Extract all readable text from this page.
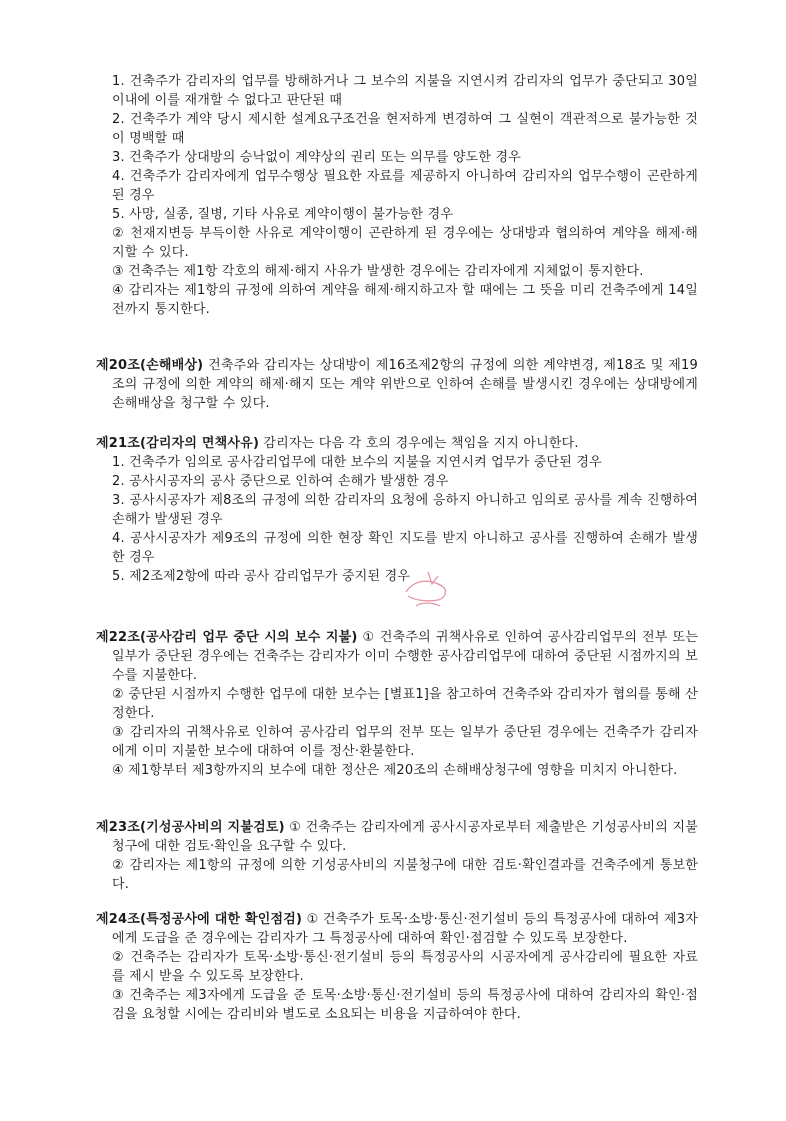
1. 건축주가 감리자의 업무를 방해하거나 그 보수의 지불을 지연시켜 감리자의 업무가 중단되고 30일 이내에 이를 재개할 수 없다고 판단된 때
2. 건축주가 계약 당시 제시한 설계요구조건을 현저하게 변경하여 그 실현이 객관적으로 불가능한 것이 명백할 때
3. 건축주가 상대방의 승낙없이 계약상의 권리 또는 의무를 양도한 경우
4. 건축주가 감리자에게 업무수행상 필요한 자료를 제공하지 아니하여 감리자의 업무수행이 곤란하게 된 경우
5. 사망, 실종, 질병, 기타 사유로 계약이행이 불가능한 경우
② 천재지변등 부득이한 사유로 계약이행이 곤란하게 된 경우에는 상대방과 협의하여 계약을 해제·해지할 수 있다.
③ 건축주는 제1항 각호의 해제·해지 사유가 발생한 경우에는 감리자에게 지체없이 통지한다.
④ 감리자는 제1항의 규정에 의하여 계약을 해제·해지하고자 할 때에는 그 뜻을 미리 건축주에게 14일전까지 통지한다.
제20조(손해배상) 건축주와 감리자는 상대방이 제16조제2항의 규정에 의한 계약변경, 제18조 및 제19조의 규정에 의한 계약의 해제·해지 또는 계약 위반으로 인하여 손해를 발생시킨 경우에는 상대방에게 손해배상을 청구할 수 있다.
제21조(감리자의 면책사유) 감리자는 다음 각 호의 경우에는 책임을 지지 아니한다.
1. 건축주가 임의로 공사감리업무에 대한 보수의 지불을 지연시켜 업무가 중단된 경우
2. 공사시공자의 공사 중단으로 인하여 손해가 발생한 경우
3. 공사시공자가 제8조의 규정에 의한 감리자의 요청에 응하지 아니하고 임의로 공사를 계속 진행하여 손해가 발생된 경우
4. 공사시공자가 제9조의 규정에 의한 현장 확인 지도를 받지 아니하고 공사를 진행하여 손해가 발생한 경우
5. 제2조제2항에 따라 공사 감리업무가 중지된 경우
제22조(공사감리 업무 중단 시의 보수 지불) ① 건축주의 귀책사유로 인하여 공사감리업무의 전부 또는 일부가 중단된 경우에는 건축주는 감리자가 이미 수행한 공사감리업무에 대하여 중단된 시점까지의 보수를 지불한다.
② 중단된 시점까지 수행한 업무에 대한 보수는 [별표1]을 참고하여 건축주와 감리자가 협의를 통해 산정한다.
③ 감리자의 귀책사유로 인하여 공사감리 업무의 전부 또는 일부가 중단된 경우에는 건축주가 감리자에게 이미 지불한 보수에 대하여 이를 정산·환불한다.
④ 제1항부터 제3항까지의 보수에 대한 정산은 제20조의 손해배상청구에 영향을 미치지 아니한다.
제23조(기성공사비의 지불검토) ① 건축주는 감리자에게 공사시공자로부터 제출받은 기성공사비의 지불청구에 대한 검토·확인을 요구할 수 있다.
② 감리자는 제1항의 규정에 의한 기성공사비의 지불청구에 대한 검토·확인결과를 건축주에게 통보한다.
제24조(특정공사에 대한 확인점검) ① 건축주가 토목·소방·통신·전기설비 등의 특정공사에 대하여 제3자에게 도급을 준 경우에는 감리자가 그 특정공사에 대하여 확인·점검할 수 있도록 보장한다.
② 건축주는 감리자가 토목·소방·통신·전기설비 등의 특정공사의 시공자에게 공사감리에 필요한 자료를 제시 받을 수 있도록 보장한다.
③ 건축주는 제3자에게 도급을 준 토목·소방·통신·전기설비 등의 특정공사에 대하여 감리자의 확인·점검을 요청할 시에는 감리비와 별도로 소요되는 비용을 지급하여야 한다.
